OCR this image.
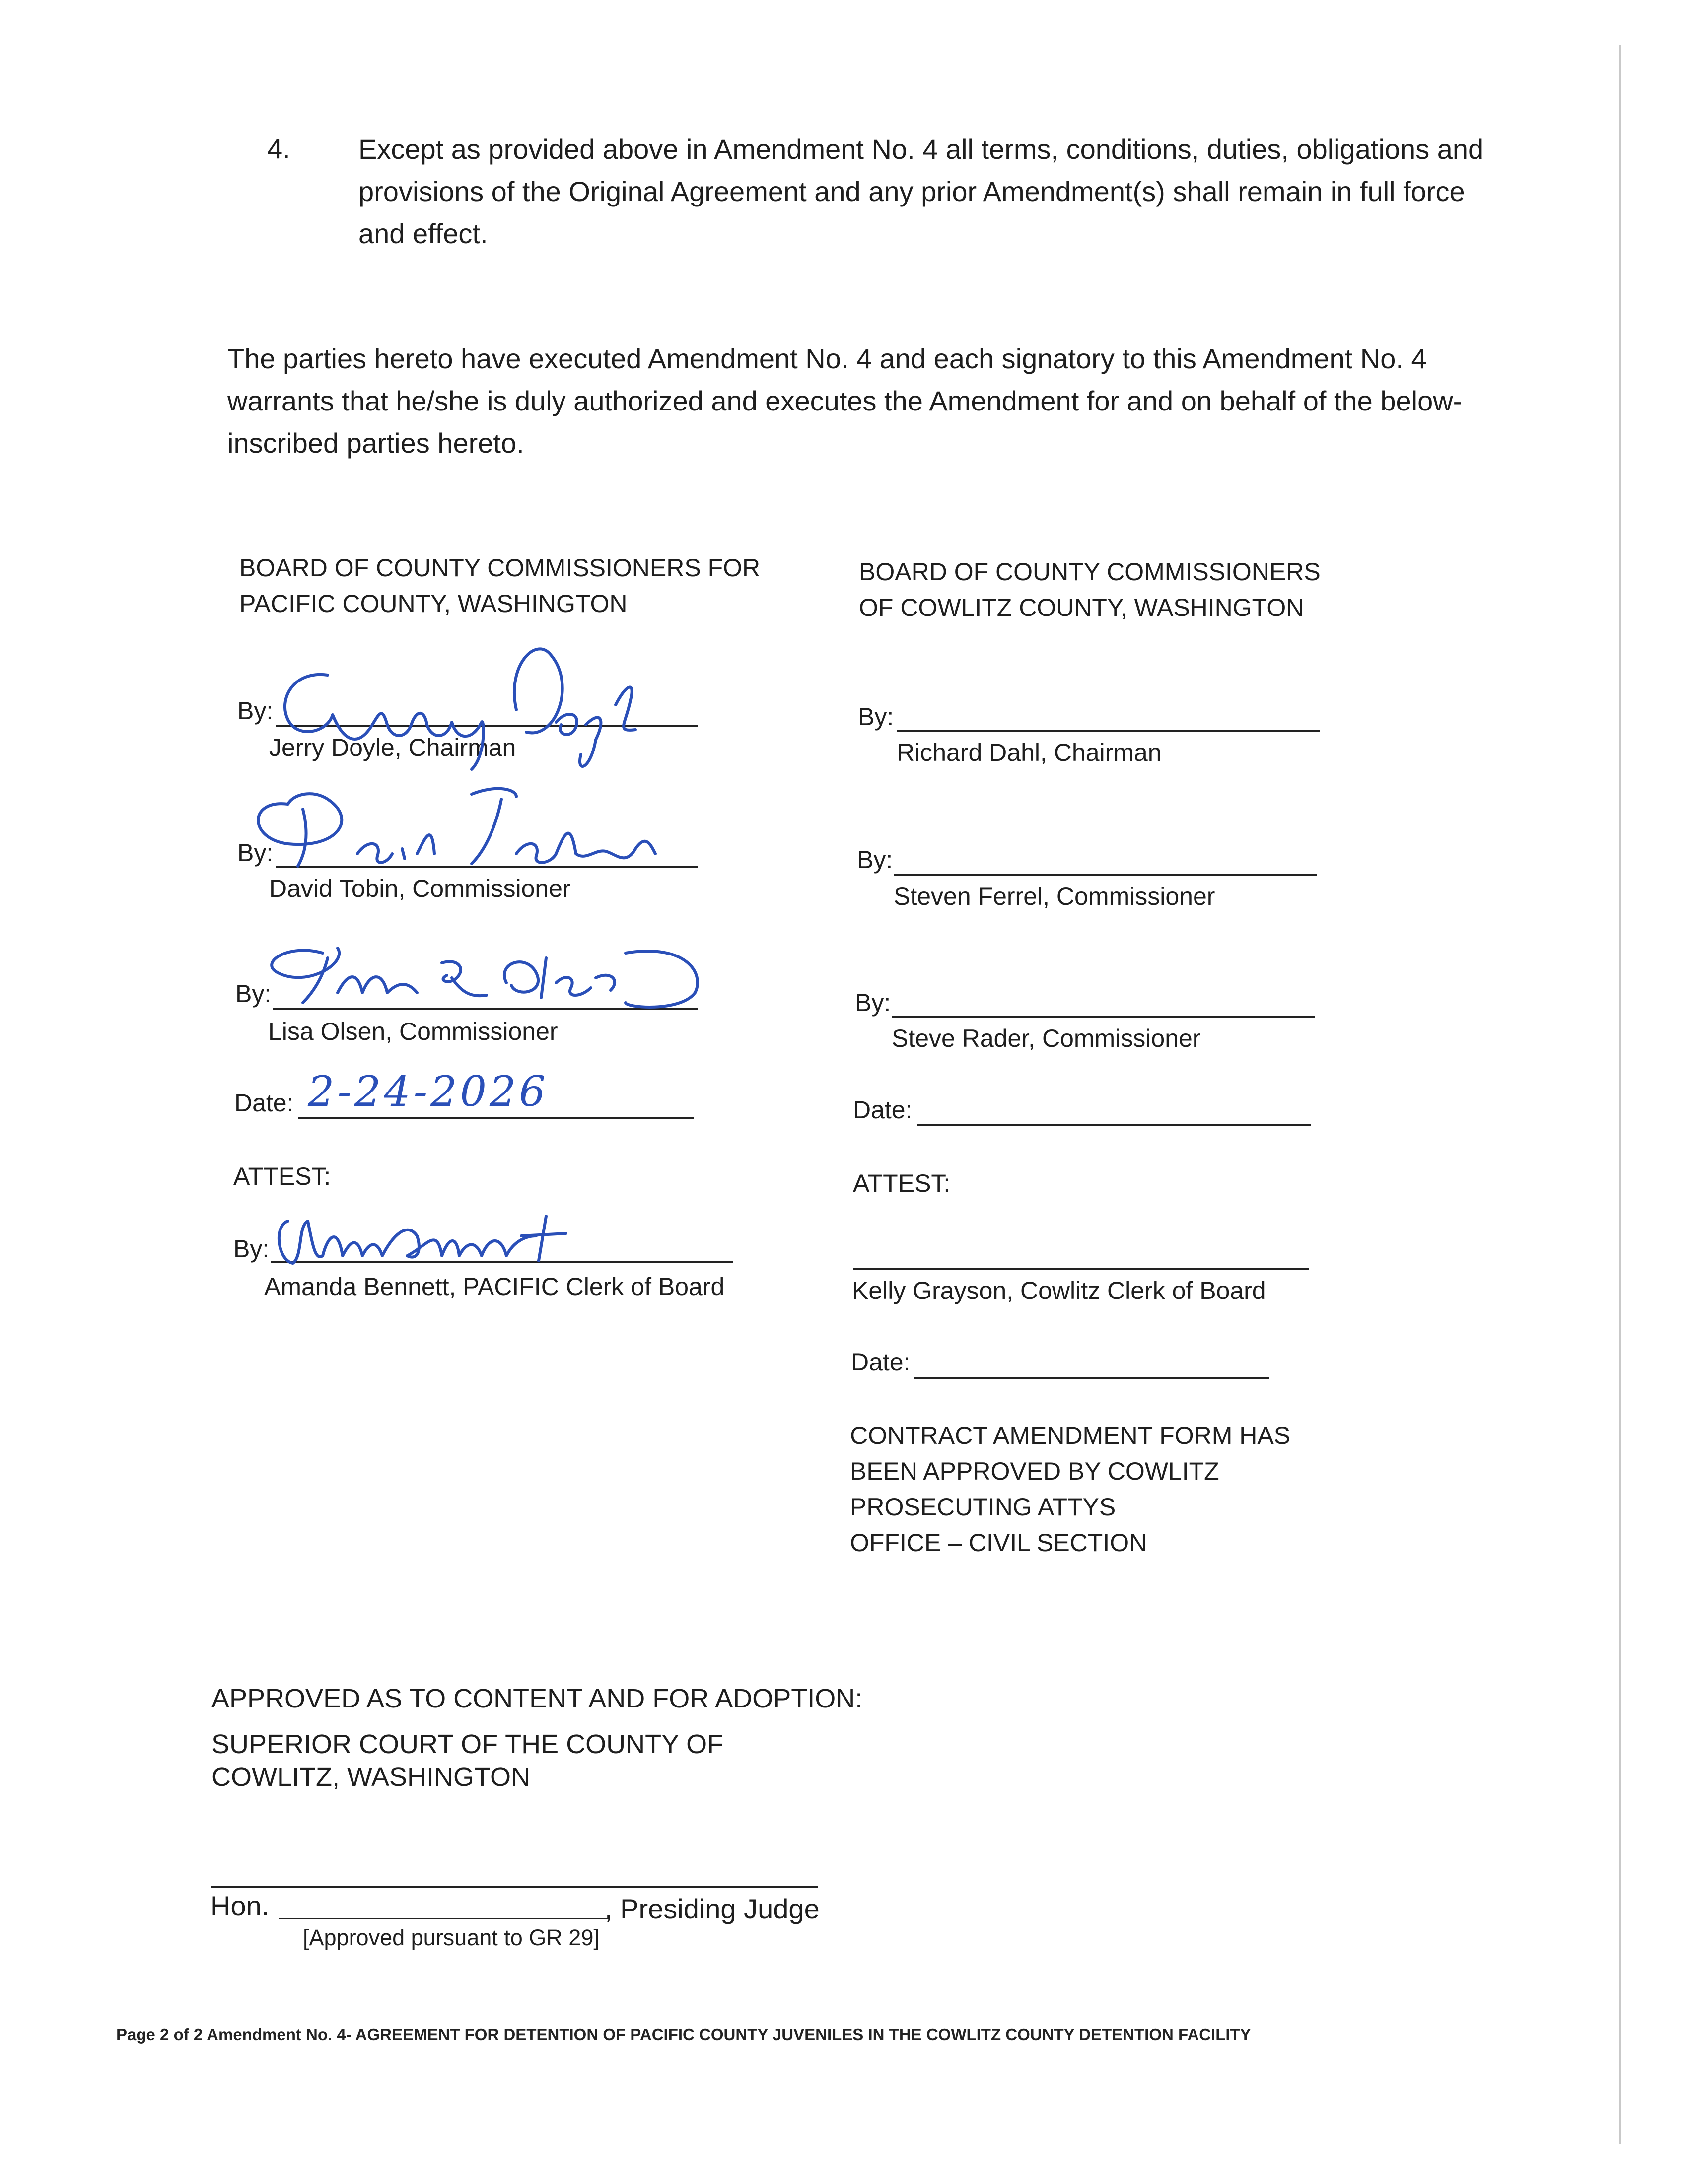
4. Except as provided above in Amendment No. 4 all terms, conditions, duties, obligations and provisions of the Original Agreement and any prior Amendment(s) shall remain in full force and effect.
The parties hereto have executed Amendment No. 4 and each signatory to this Amendment No. 4 warrants that he/she is duly authorized and executes the Amendment for and on behalf of the below-inscribed parties hereto.
BOARD OF COUNTY COMMISSIONERS FOR
PACIFIC COUNTY, WASHINGTON
By:
Jerry Doyle, Chairman
By:
David Tobin, Commissioner
By:
Lisa Olsen, Commissioner
Date: 2-24-2026
ATTEST:
By:
Amanda Bennett, PACIFIC Clerk of Board
BOARD OF COUNTY COMMISSIONERS
OF COWLITZ COUNTY, WASHINGTON
By:
Richard Dahl, Chairman
By:
Steven Ferrel, Commissioner
By:
Steve Rader, Commissioner
Date:
ATTEST:
Kelly Grayson, Cowlitz Clerk of Board
Date:
CONTRACT AMENDMENT FORM HAS
BEEN APPROVED BY COWLITZ
PROSECUTING ATTYS
OFFICE – CIVIL SECTION
APPROVED AS TO CONTENT AND FOR ADOPTION:
SUPERIOR COURT OF THE COUNTY OF
COWLITZ, WASHINGTON
Hon.	, Presiding Judge
[Approved pursuant to GR 29]
Page 2 of 2 Amendment No. 4- AGREEMENT FOR DETENTION OF PACIFIC COUNTY JUVENILES IN THE COWLITZ COUNTY DETENTION FACILITY
